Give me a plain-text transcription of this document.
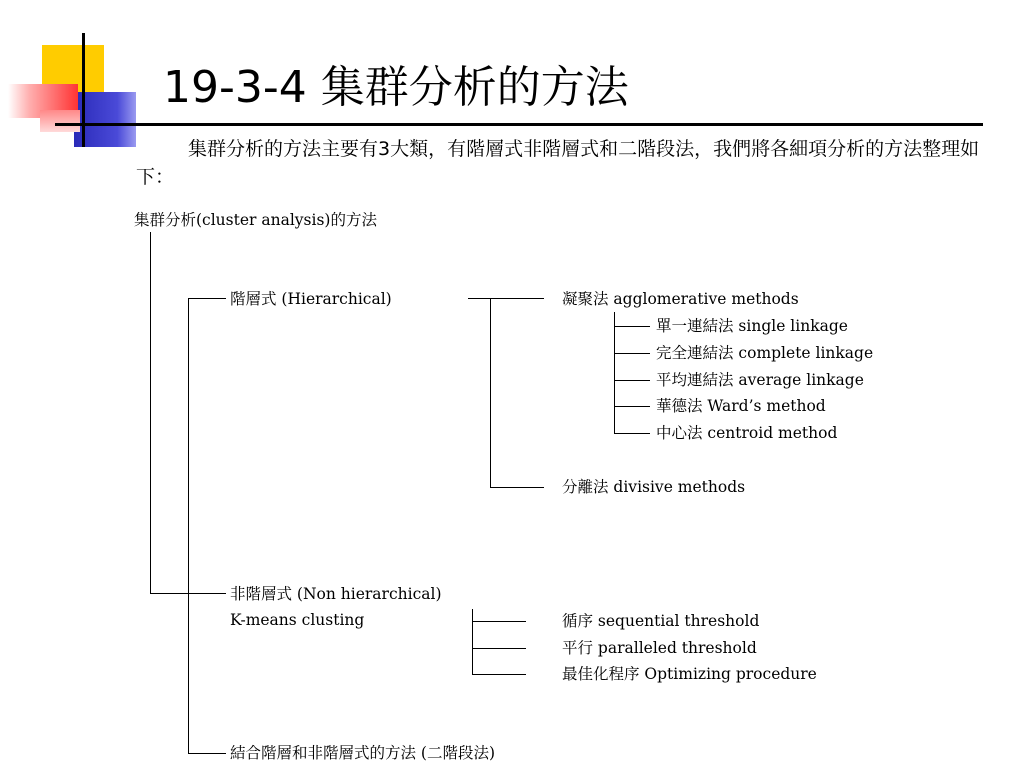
19-3-4 集群分析的方法
集群分析的方法主要有3大類，有階層式非階層式和二階段法，我們將各細項分析的方法整理如下：
集群分析(cluster analysis)的方法
階層式 (Hierarchical)	凝聚法 agglomerative methods
單一連結法 single linkage
完全連結法 complete linkage
平均連結法 average linkage
華德法 Ward’s method
中心法 centroid method
分離法 divisive methods
非階層式 (Non hierarchical)
K-means clusting	循序 sequential threshold
平行 paralleled threshold
最佳化程序 Optimizing procedure
結合階層和非階層式的方法 (二階段法)
